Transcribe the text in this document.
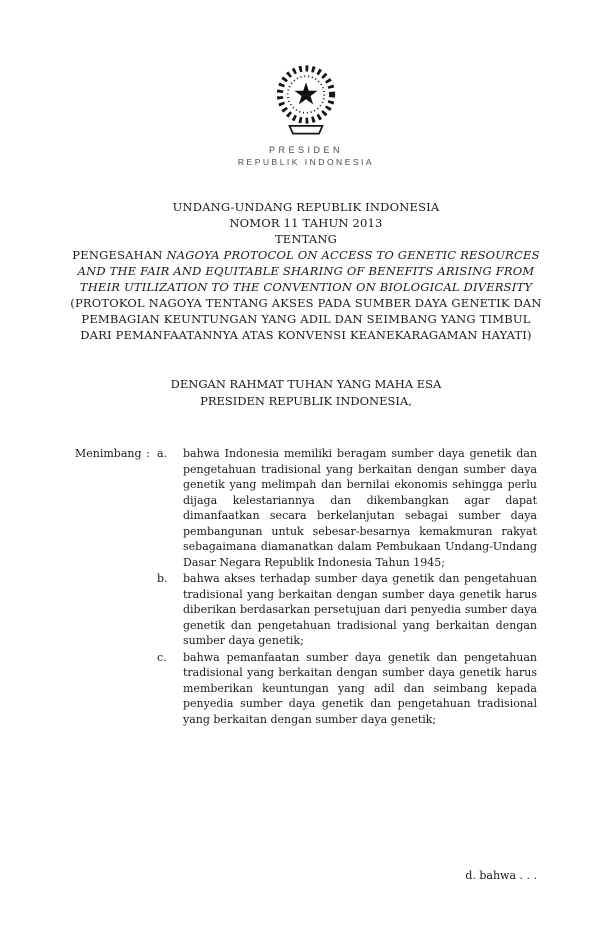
PRESIDEN
REPUBLIK INDONESIA
UNDANG-UNDANG REPUBLIK INDONESIA
NOMOR 11 TAHUN 2013
TENTANG
PENGESAHAN NAGOYA PROTOCOL ON ACCESS TO GENETIC RESOURCES AND THE FAIR AND EQUITABLE SHARING OF BENEFITS ARISING FROM THEIR UTILIZATION TO THE CONVENTION ON BIOLOGICAL DIVERSITY
(PROTOKOL NAGOYA TENTANG AKSES PADA SUMBER DAYA GENETIK DAN PEMBAGIAN KEUNTUNGAN YANG ADIL DAN SEIMBANG YANG TIMBUL DARI PEMANFAATANNYA ATAS KONVENSI KEANEKARAGAMAN HAYATI)
DENGAN RAHMAT TUHAN YANG MAHA ESA
PRESIDEN REPUBLIK INDONESIA,
Menimbang : a.	bahwa Indonesia memiliki beragam sumber daya genetik dan pengetahuan tradisional yang berkaitan dengan sumber daya genetik yang melimpah dan bernilai ekonomis sehingga perlu dijaga kelestariannya dan dikembangkan agar dapat dimanfaatkan secara berkelanjutan sebagai sumber daya pembangunan untuk sebesar-besarnya kemakmuran rakyat sebagaimana diamanatkan dalam Pembukaan Undang-Undang Dasar Negara Republik Indonesia Tahun 1945;
b.	bahwa akses terhadap sumber daya genetik dan pengetahuan tradisional yang berkaitan dengan sumber daya genetik harus diberikan berdasarkan persetujuan dari penyedia sumber daya genetik dan pengetahuan tradisional yang berkaitan dengan sumber daya genetik;
c.	bahwa pemanfaatan sumber daya genetik dan pengetahuan tradisional yang berkaitan dengan sumber daya genetik harus memberikan keuntungan yang adil dan seimbang kepada penyedia sumber daya genetik dan pengetahuan tradisional yang berkaitan dengan sumber daya genetik;
d. bahwa . . .
